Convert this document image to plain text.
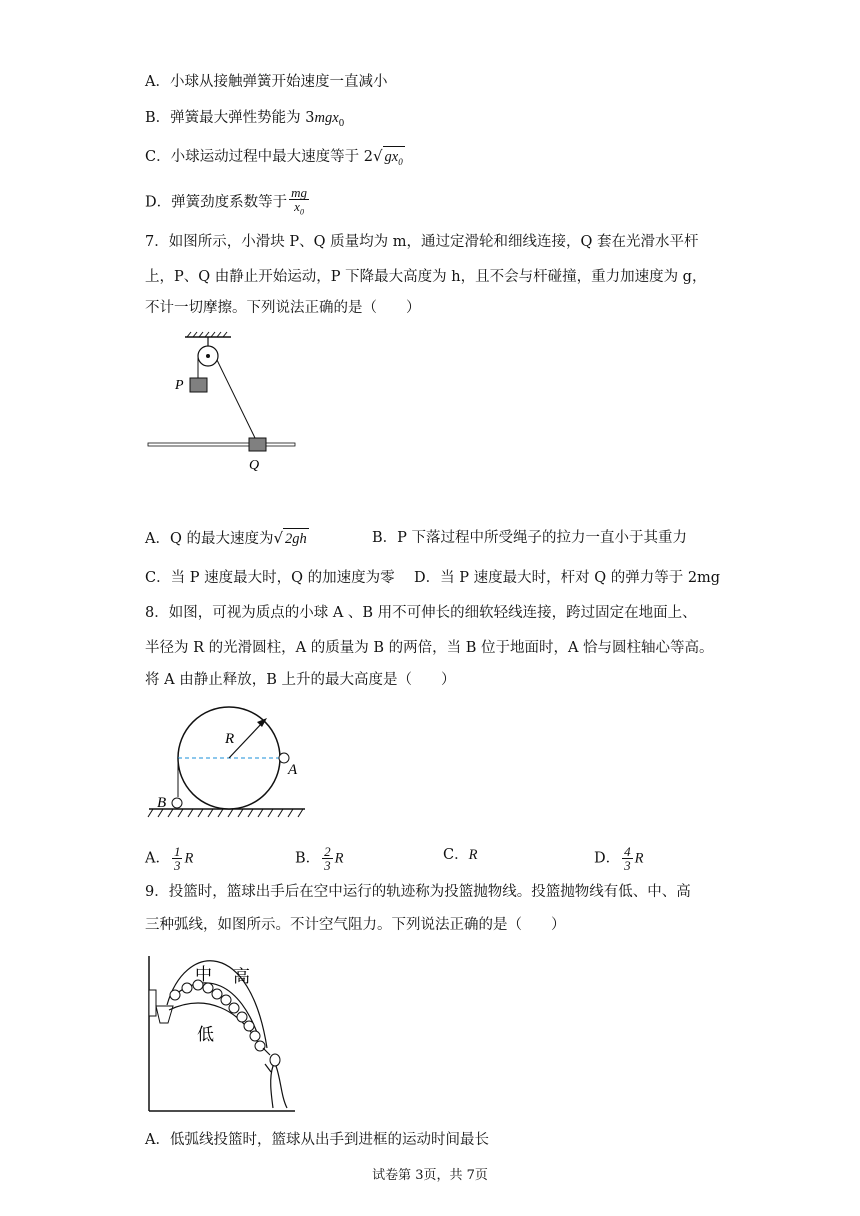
A．小球从接触弹簧开始速度一直减小
B．弹簧最大弹性势能为 3mgx$_0$
C．小球运动过程中最大速度等于 2√ $gx_0$
D．弹簧劲度系数等于 $\frac{mg}{x_0}$
7．如图所示，小滑块 P、Q 质量均为 m，通过定滑轮和细线连接，Q 套在光滑水平杆
上，P、Q 由静止开始运动，P 下降最大高度为 h，且不会与杆碰撞，重力加速度为 g，
不计一切摩擦。下列说法正确的是（　　）
P
Q
A．Q 的最大速度为√ 2gh	B．P 下落过程中所受绳子的拉力一直小于其重力
C．当 P 速度最大时，Q 的加速度为零 D．当 P 速度最大时，杆对 Q 的弹力等于 2mg
8．如图，可视为质点的小球 A 、B 用不可伸长的细软轻线连接，跨过固定在地面上、
半径为 R 的光滑圆柱，A 的质量为 B 的两倍，当 B 位于地面时，A 恰与圆柱轴心等高。
将 A 由静止释放，B 上升的最大高度是（　　）
R
A
B
A． $\frac{1}{3}$ R	B． $\frac{2}{3}$ R	C．R	D． $\frac{4}{3}$ R
9．投篮时，篮球出手后在空中运行的轨迹称为投篮抛物线。投篮抛物线有低、中、高
三种弧线，如图所示。不计空气阻力。下列说法正确的是（　　）
中 高
低
A．低弧线投篮时，篮球从出手到进框的运动时间最长
试卷第 3页，共 7页
